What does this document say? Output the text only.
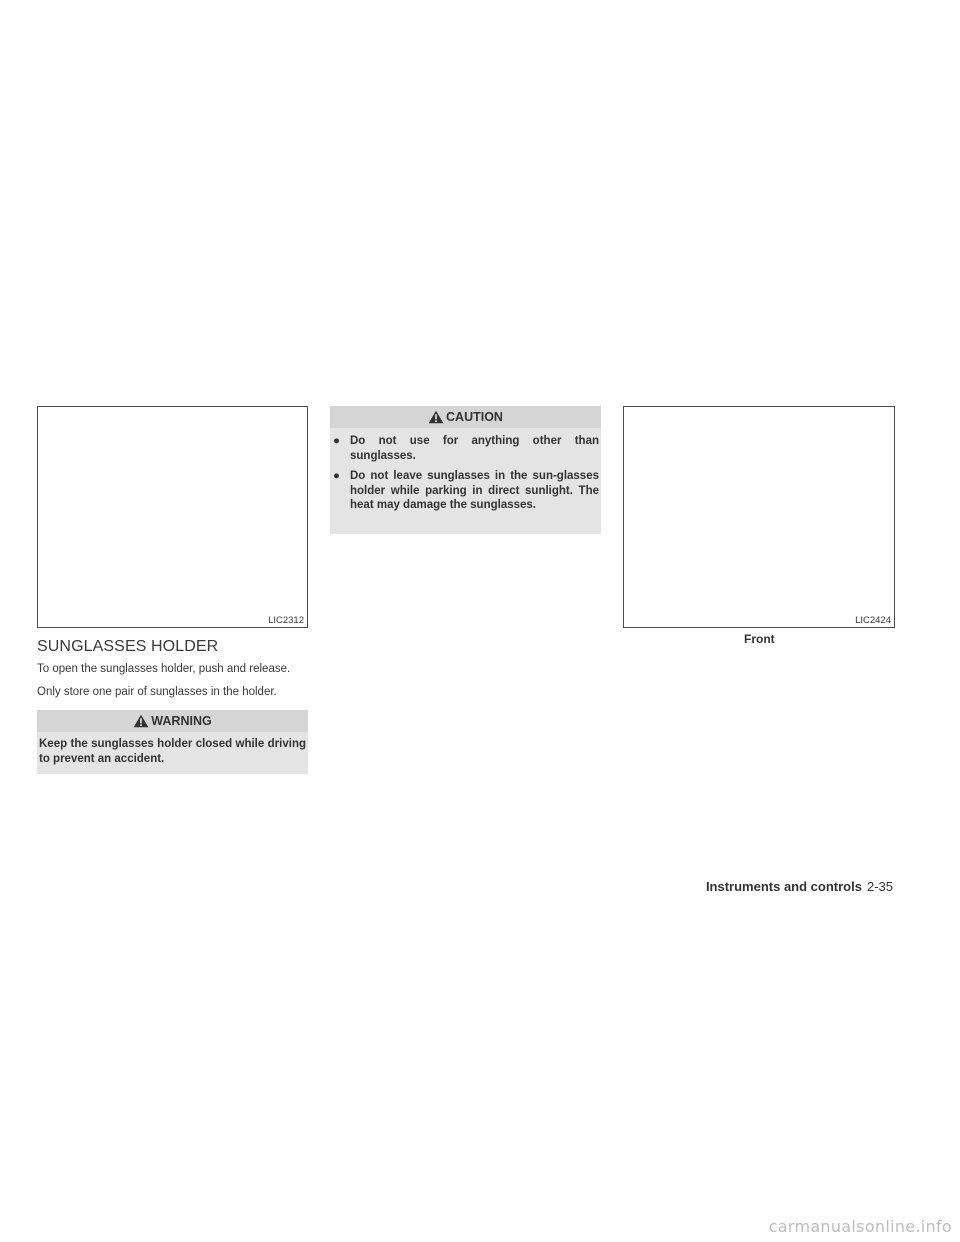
LIC2312
SUNGLASSES HOLDER
To open the sunglasses holder, push and release.
Only store one pair of sunglasses in the holder.
WARNING
Keep the sunglasses holder closed while driving to prevent an accident.
CAUTION
● Do not use for anything other than sunglasses.
● Do not leave sunglasses in the sun-glasses holder while parking in direct sunlight. The heat may damage the sunglasses.
LIC2424
Front
Instruments and controls 2-35
carmanualsonline.info
